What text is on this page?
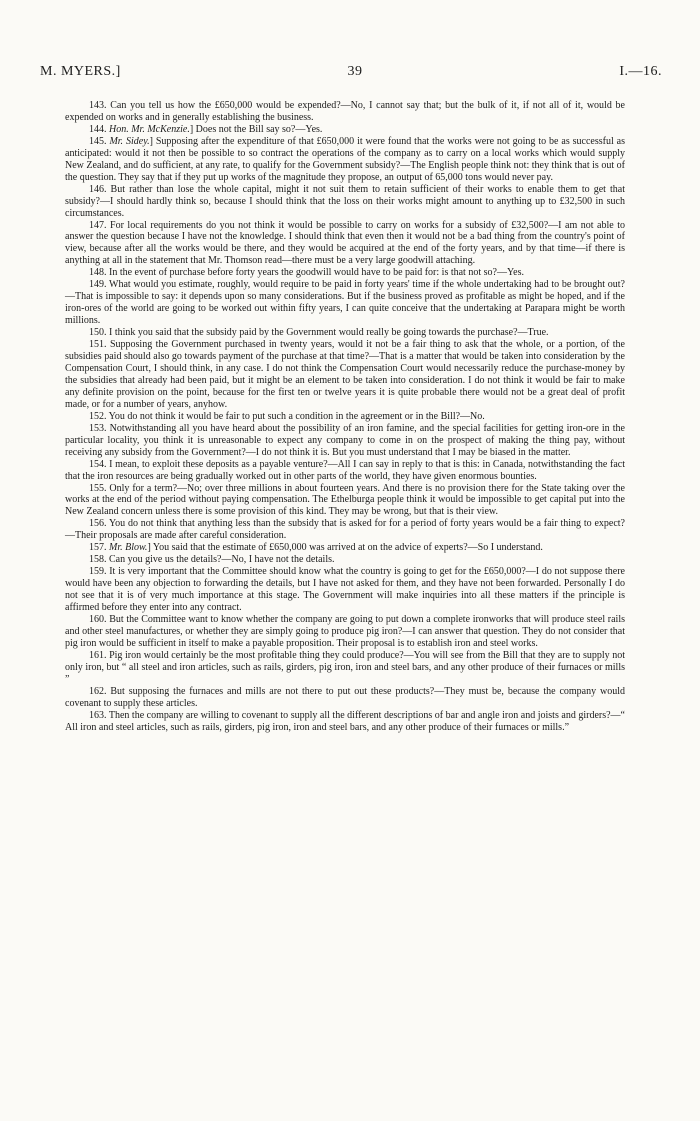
M. MYERS.]	39	I.—16.

143. Can you tell us how the £650,000 would be expended?—No, I cannot say that; but the bulk of it, if not all of it, would be expended on works and in generally establishing the business.

144. Hon. Mr. McKenzie.] Does not the Bill say so?—Yes.

145. Mr. Sidey.] Supposing after the expenditure of that £650,000 it were found that the works were not going to be as successful as anticipated: would it not then be possible to so contract the operations of the company as to carry on a local works which would supply New Zealand, and do sufficient, at any rate, to qualify for the Government subsidy?—The English people think not: they think that is out of the question. They say that if they put up works of the magnitude they propose, an output of 65,000 tons would never pay.

146. But rather than lose the whole capital, might it not suit them to retain sufficient of their works to enable them to get that subsidy?—I should hardly think so, because I should think that the loss on their works might amount to anything up to £32,500 in such circumstances.

147. For local requirements do you not think it would be possible to carry on works for a subsidy of £32,500?—I am not able to answer the question because I have not the knowledge. I should think that even then it would not be a bad thing from the country's point of view, because after all the works would be there, and they would be acquired at the end of the forty years, and by that time—if there is anything at all in the statement that Mr. Thomson read—there must be a very large goodwill attaching.

148. In the event of purchase before forty years the goodwill would have to be paid for: is that not so?—Yes.

149. What would you estimate, roughly, would require to be paid in forty years' time if the whole undertaking had to be brought out?—That is impossible to say: it depends upon so many considerations. But if the business proved as profitable as might be hoped, and if the iron-ores of the world are going to be worked out within fifty years, I can quite conceive that the undertaking at Parapara might be worth millions.

150. I think you said that the subsidy paid by the Government would really be going towards the purchase?—True.

151. Supposing the Government purchased in twenty years, would it not be a fair thing to ask that the whole, or a portion, of the subsidies paid should also go towards payment of the purchase at that time?—That is a matter that would be taken into consideration by the Compensation Court, I should think, in any case. I do not think the Compensation Court would necessarily reduce the purchase-money by the subsidies that already had been paid, but it might be an element to be taken into consideration. I do not think it would be fair to make any definite provision on the point, because for the first ten or twelve years it is quite probable there would not be a great deal of profit made, or for a number of years, anyhow.

152. You do not think it would be fair to put such a condition in the agreement or in the Bill?—No.

153. Notwithstanding all you have heard about the possibility of an iron famine, and the special facilities for getting iron-ore in the particular locality, you think it is unreasonable to expect any company to come in on the prospect of making the thing pay, without receiving any subsidy from the Government?—I do not think it is. But you must understand that I may be biased in the matter.

154. I mean, to exploit these deposits as a payable venture?—All I can say in reply to that is this: in Canada, notwithstanding the fact that the iron resources are being gradually worked out in other parts of the world, they have given enormous bounties.

155. Only for a term?—No; over three millions in about fourteen years. And there is no provision there for the State taking over the works at the end of the period without paying compensation. The Ethelburga people think it would be impossible to get capital put into the New Zealand concern unless there is some provision of this kind. They may be wrong, but that is their view.

156. You do not think that anything less than the subsidy that is asked for for a period of forty years would be a fair thing to expect?—Their proposals are made after careful consideration.

157. Mr. Blow.] You said that the estimate of £650,000 was arrived at on the advice of experts?—So I understand.

158. Can you give us the details?—No, I have not the details.

159. It is very important that the Committee should know what the country is going to get for the £650,000?—I do not suppose there would have been any objection to forwarding the details, but I have not asked for them, and they have not been forwarded. Personally I do not see that it is of very much importance at this stage. The Government will make inquiries into all these matters if the principle is affirmed before they enter into any contract.

160. But the Committee want to know whether the company are going to put down a complete ironworks that will produce steel rails and other steel manufactures, or whether they are simply going to produce pig iron?—I can answer that question. They do not consider that pig iron would be sufficient in itself to make a payable proposition. Their proposal is to establish iron and steel works.

161. Pig iron would certainly be the most profitable thing they could produce?—You will see from the Bill that they are to supply not only iron, but “ all steel and iron articles, such as rails, girders, pig iron, iron and steel bars, and any other produce of their furnaces or mills ”

162. But supposing the furnaces and mills are not there to put out these products?—They must be, because the company would covenant to supply these articles.

163. Then the company are willing to covenant to supply all the different descriptions of bar and angle iron and joists and girders?—“ All iron and steel articles, such as rails, girders, pig iron, iron and steel bars, and any other produce of their furnaces or mills.”
